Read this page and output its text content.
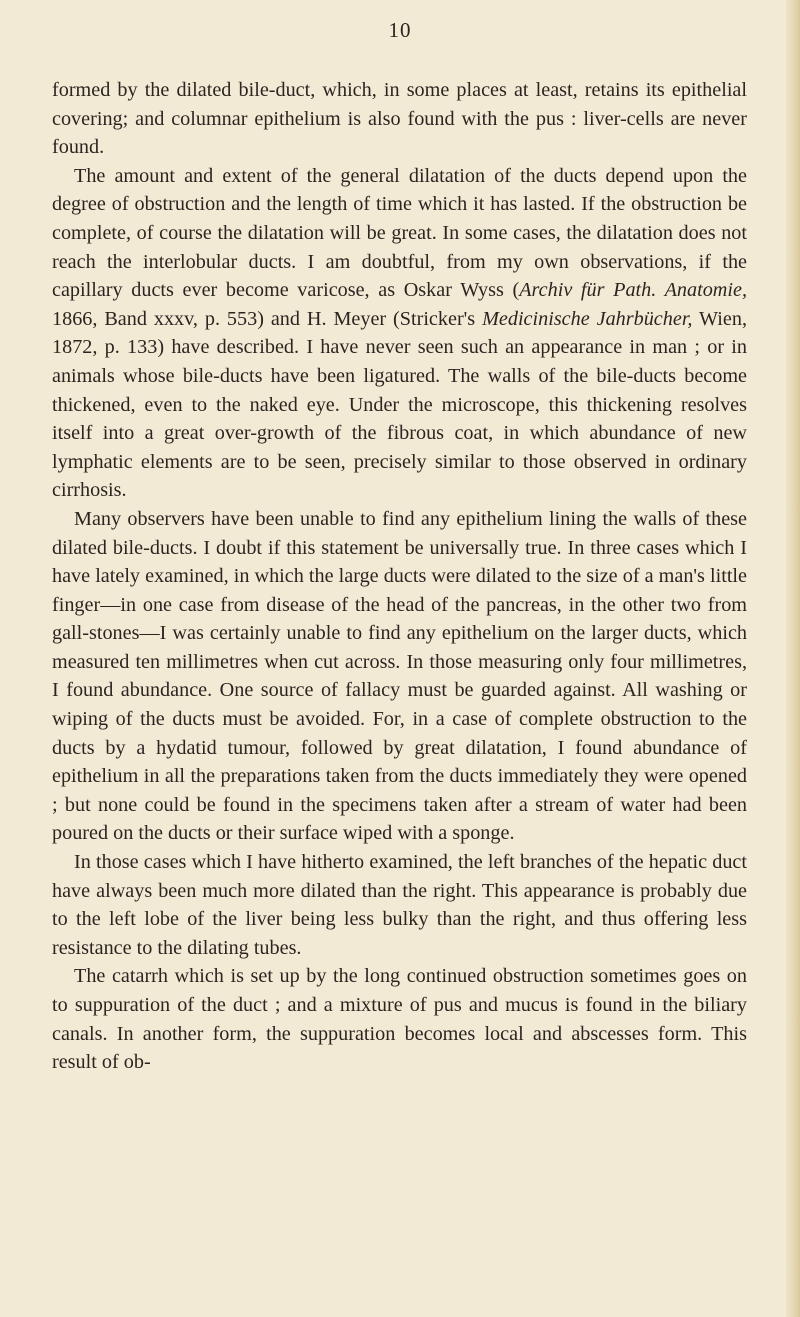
10

formed by the dilated bile-duct, which, in some places at least, retains its epithelial covering; and columnar epithelium is also found with the pus : liver-cells are never found.

The amount and extent of the general dilatation of the ducts depend upon the degree of obstruction and the length of time which it has lasted. If the obstruction be complete, of course the dilatation will be great. In some cases, the dilatation does not reach the interlobular ducts. I am doubtful, from my own observations, if the capillary ducts ever become varicose, as Oskar Wyss (Archiv für Path. Anatomie, 1866, Band xxxv, p. 553) and H. Meyer (Stricker's Medicinische Jahrbücher, Wien, 1872, p. 133) have described. I have never seen such an appearance in man ; or in animals whose bile-ducts have been ligatured. The walls of the bile-ducts become thickened, even to the naked eye. Under the microscope, this thickening resolves itself into a great over-growth of the fibrous coat, in which abundance of new lymphatic elements are to be seen, precisely similar to those observed in ordinary cirrhosis.

Many observers have been unable to find any epithelium lining the walls of these dilated bile-ducts. I doubt if this statement be universally true. In three cases which I have lately examined, in which the large ducts were dilated to the size of a man's little finger—in one case from disease of the head of the pancreas, in the other two from gall-stones—I was certainly unable to find any epithelium on the larger ducts, which measured ten millimetres when cut across. In those measuring only four millimetres, I found abundance. One source of fallacy must be guarded against. All washing or wiping of the ducts must be avoided. For, in a case of complete obstruction to the ducts by a hydatid tumour, followed by great dilatation, I found abundance of epithelium in all the preparations taken from the ducts immediately they were opened ; but none could be found in the specimens taken after a stream of water had been poured on the ducts or their surface wiped with a sponge.

In those cases which I have hitherto examined, the left branches of the hepatic duct have always been much more dilated than the right. This appearance is probably due to the left lobe of the liver being less bulky than the right, and thus offering less resistance to the dilating tubes.

The catarrh which is set up by the long continued obstruction sometimes goes on to suppuration of the duct ; and a mixture of pus and mucus is found in the biliary canals. In another form, the suppuration becomes local and abscesses form. This result of ob-
